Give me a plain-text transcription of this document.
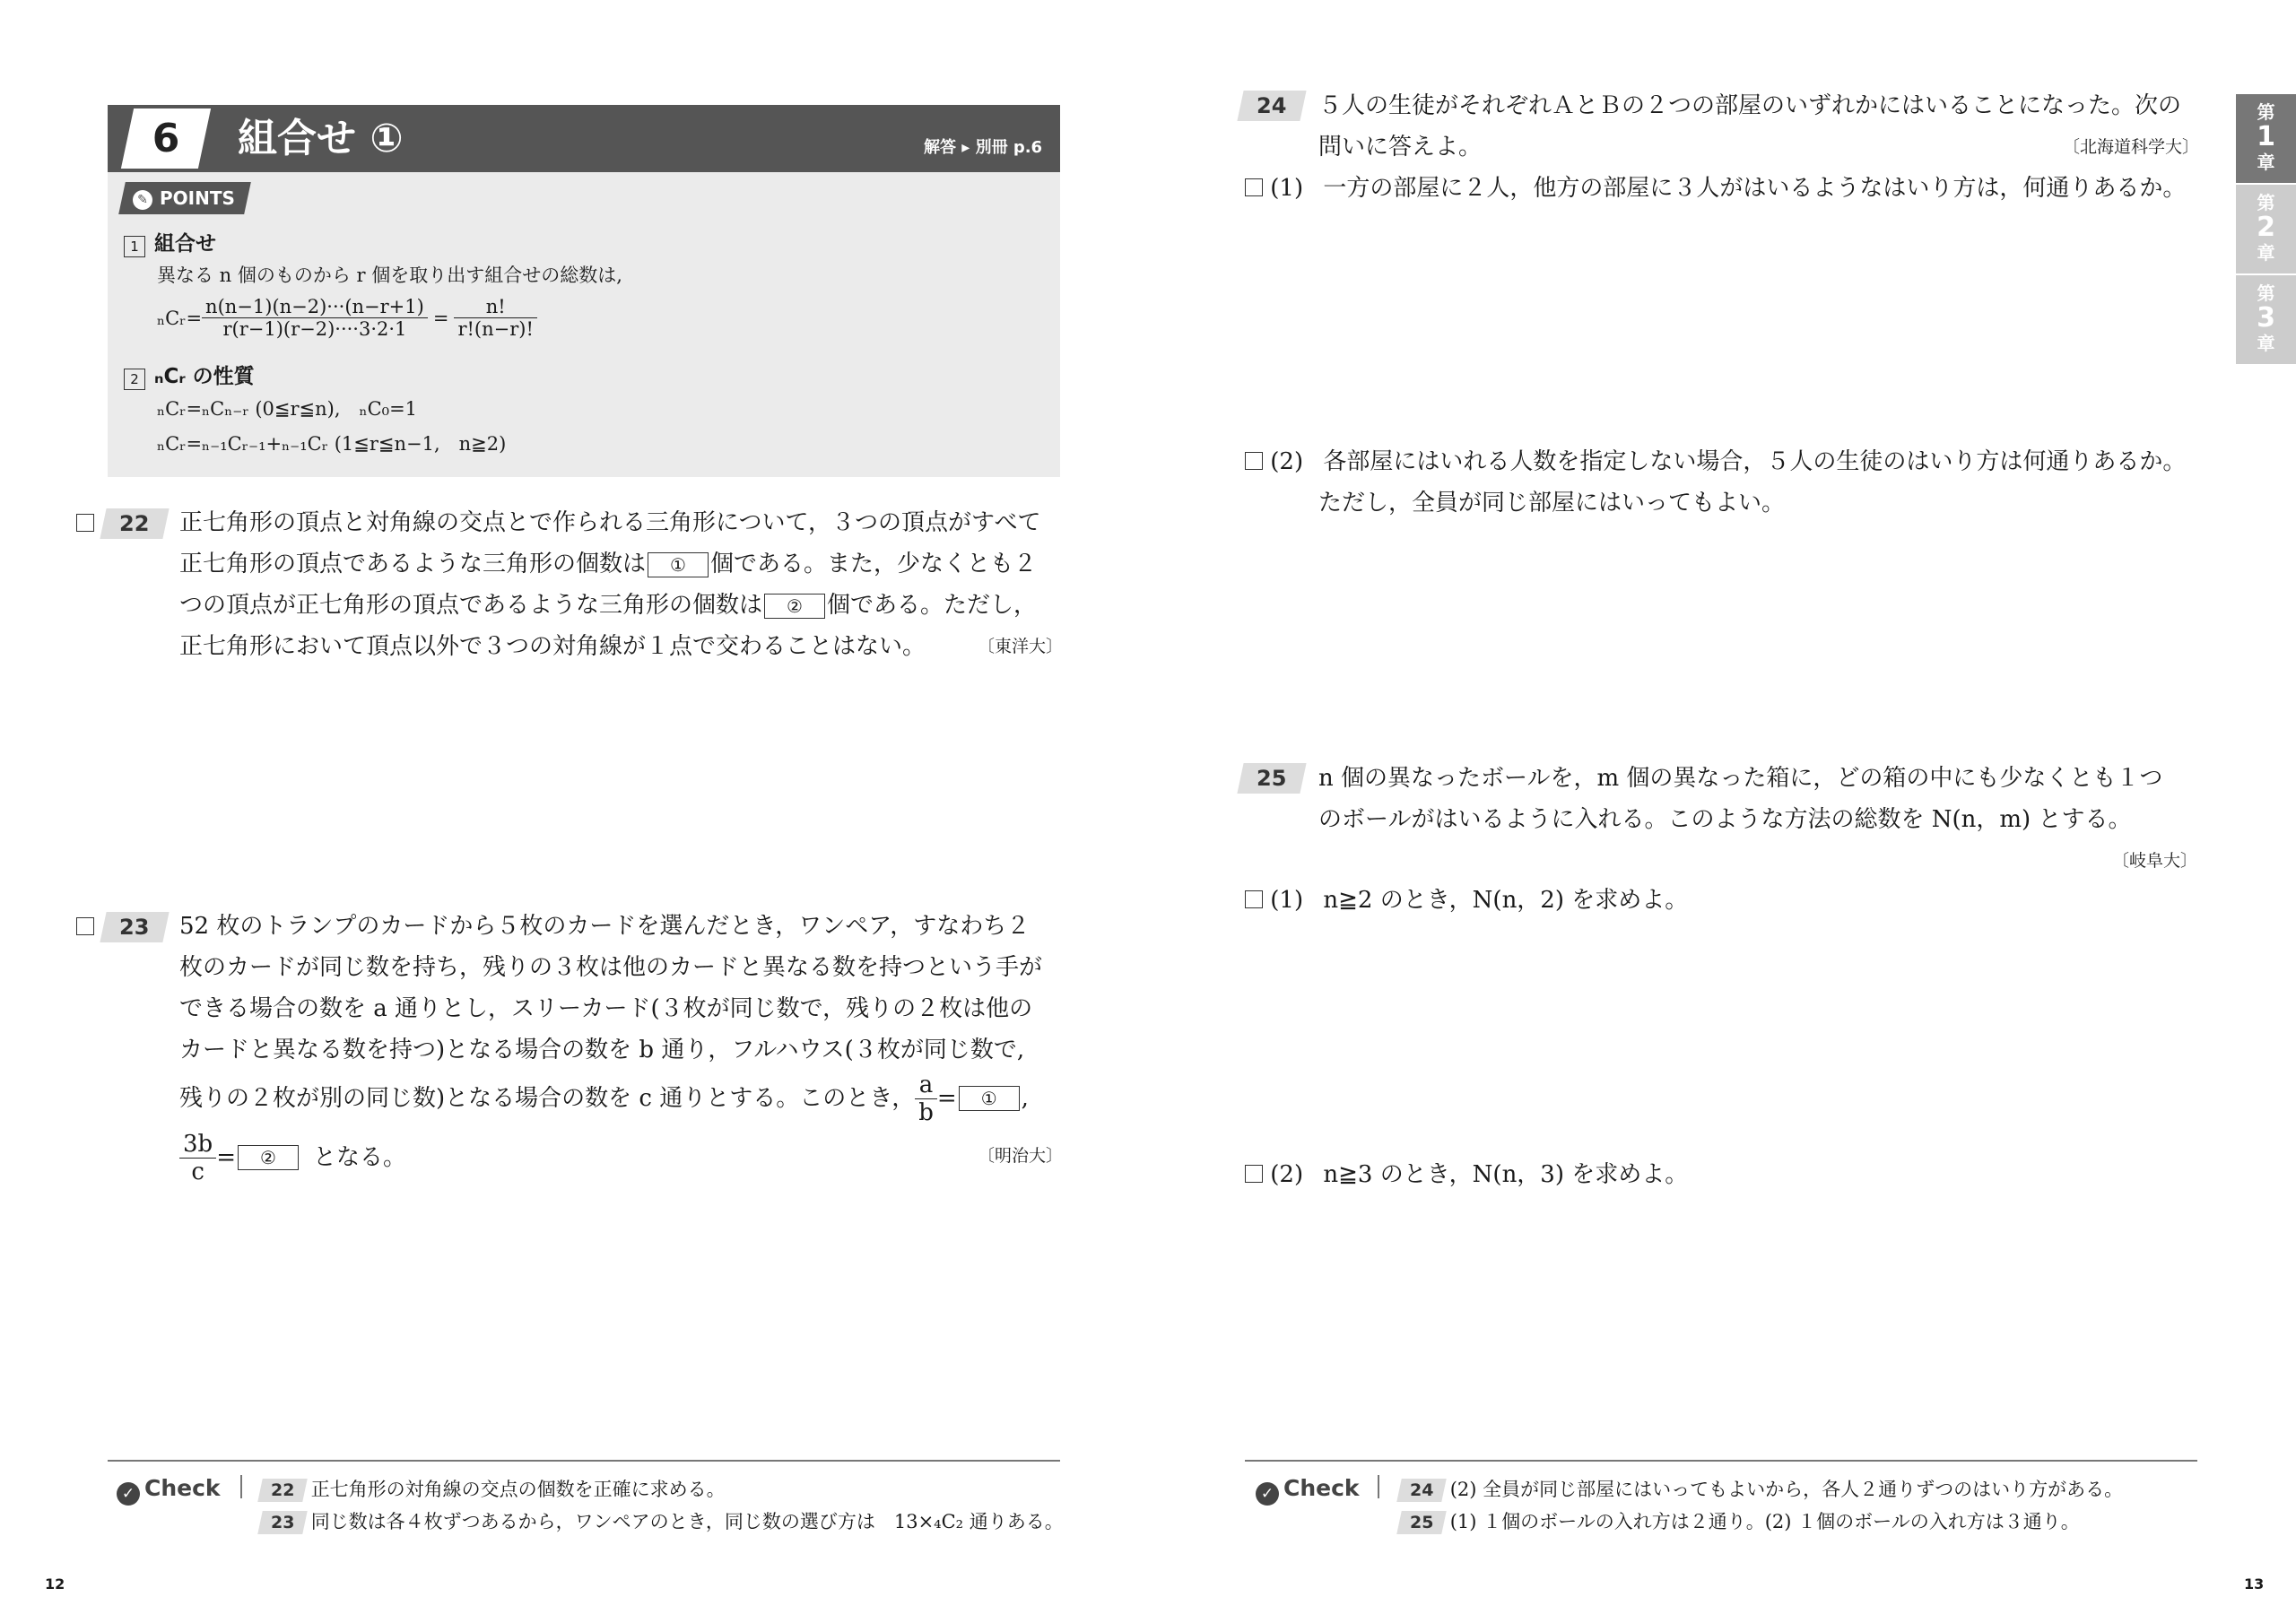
6	組合せ ①	解答 ▸ 別冊 p.6
✎ POINTS
1 組合せ
異なる n 個のものから r 個を取り出す組合せの総数は,
ₙCᵣ= $\frac{n(n-1)(n-2)\cdot\cdot\cdot(n-r+1)}{r(r-1)(r-2)\cdot\cdot\cdot\cdot 3\cdot 2\cdot 1} = \frac{n!}{r!(n-r)!}$
2 ₙCᵣ の性質
ₙCᵣ=ₙCₙ₋ᵣ (0≦r≦n),　ₙC₀=1
ₙCᵣ=ₙ₋₁Cᵣ₋₁+ₙ₋₁Cᵣ (1≦r≦n−1,　n≧2)
22	正七角形の頂点と対角線の交点とで作られる三角形について，３つの頂点がすべて
正七角形の頂点であるような三角形の個数は ① 個である。また，少なくとも２
つの頂点が正七角形の頂点であるような三角形の個数は ② 個である。ただし，
正七角形において頂点以外で３つの対角線が１点で交わることはない。	〔東洋大〕
23	52 枚のトランプのカードから５枚のカードを選んだとき，ワンペア，すなわち２
枚のカードが同じ数を持ち，残りの３枚は他のカードと異なる数を持つという手が
できる場合の数を a 通りとし，スリーカード(３枚が同じ数で，残りの２枚は他の
カードと異なる数を持つ)となる場合の数を b 通り，フルハウス(３枚が同じ数で,
残りの２枚が別の同じ数)となる場合の数を c 通りとする。このとき， $\frac{a}{b}$ =	①	,
$\frac{3b}{c}$ =	②	となる。	〔明治大〕
✓ Check	22 正七角形の対角線の交点の個数を正確に求める。
23 同じ数は各４枚ずつあるから，ワンペアのとき，同じ数の選び方は　13×₄C₂ 通りある。
12
24	５人の生徒がそれぞれＡとＢの２つの部屋のいずれかにはいることになった。次の
問いに答えよ。	〔北海道科学大〕
(1) 一方の部屋に２人，他方の部屋に３人がはいるようなはいり方は，何通りあるか。
(2) 各部屋にはいれる人数を指定しない場合，５人の生徒のはいり方は何通りあるか。
ただし，全員が同じ部屋にはいってもよい。
25	n 個の異なったボールを，m 個の異なった箱に，どの箱の中にも少なくとも１つ
のボールがはいるように入れる。このような方法の総数を N(n，m) とする。
〔岐阜大〕
(1) n≧2 のとき，N(n，2) を求めよ。
(2) n≧3 のとき，N(n，3) を求めよ。
✓ Check	24 (2) 全員が同じ部屋にはいってもよいから，各人２通りずつのはいり方がある。
25 (1) １個のボールの入れ方は２通り。(2) １個のボールの入れ方は３通り。
13
第
1
章
第
2
章
第
3
章
